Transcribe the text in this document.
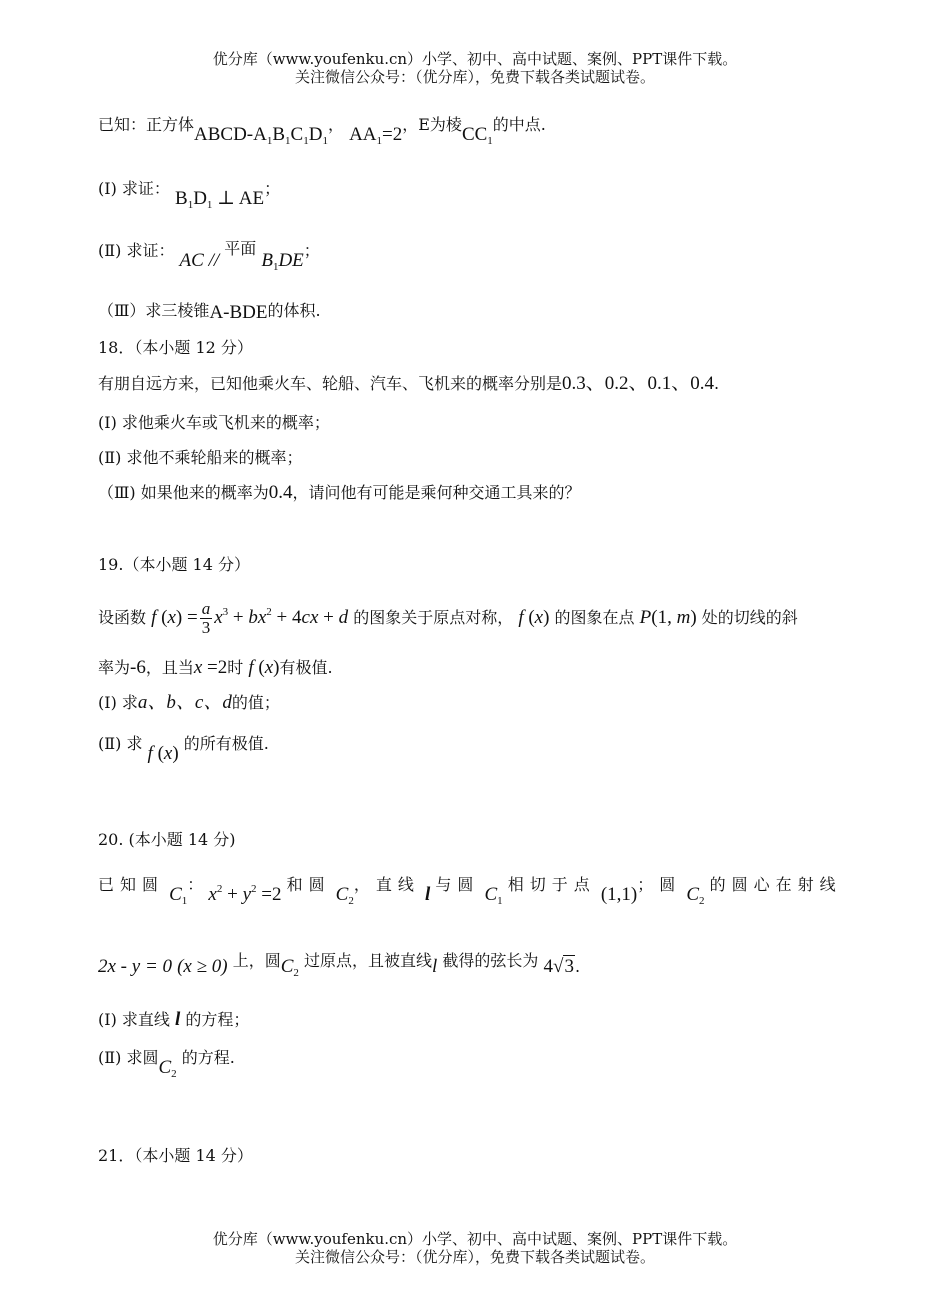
优分库（www.youfenku.cn）小学、初中、高中试题、案例、PPT课件下载。
关注微信公众号：（优分库），免费下载各类试题试卷。
已知：正方体ABCD-$A_1B_1C_1D_1$， $AA_1=2$，E为棱$CC_1$的中点.
(Ⅰ) 求证： $B_1D_1$ ⊥ AE；
(Ⅱ) 求证： AC // 平面 $B_1DE$；
（Ⅲ）求三棱锥A-BDE的体积.
18．（本小题 12 分）
有朋自远方来，已知他乘火车、轮船、汽车、飞机来的概率分别是0.3、0.2、0.1、0.4.
(Ⅰ) 求他乘火车或飞机来的概率；
(Ⅱ) 求他不乘轮船来的概率；
（Ⅲ) 如果他来的概率为0.4，请问他有可能是乘何种交通工具来的？
19.（本小题 14 分）
设函数 f $(x) = \frac{a}{3} x^3 + bx^2 + 4cx + d$ 的图象关于原点对称， f (x) 的图象在点 P(1, m) 处的切线的斜
率为-6，且当x =2时 f (x)有极值.
(Ⅰ) 求a、b、c、d的值；
(Ⅱ) 求 f (x) 的所有极值.
20. (本小题 14 分)
已知圆 $C_1$： $x^2 + y^2 =2$ 和圆 $C_2$，直线 l 与圆 $C_1$ 相切于点 (1,1)；圆 $C_2$ 的圆心在射线
2x - y = 0 (x ≥ 0) 上，圆$C_2$ 过原点，且被直线l 截得的弦长为 4√3.
(Ⅰ) 求直线 l 的方程；
(Ⅱ) 求圆$C_2$ 的方程.
21．（本小题 14 分）
优分库（www.youfenku.cn）小学、初中、高中试题、案例、PPT课件下载。
关注微信公众号：（优分库），免费下载各类试题试卷。
